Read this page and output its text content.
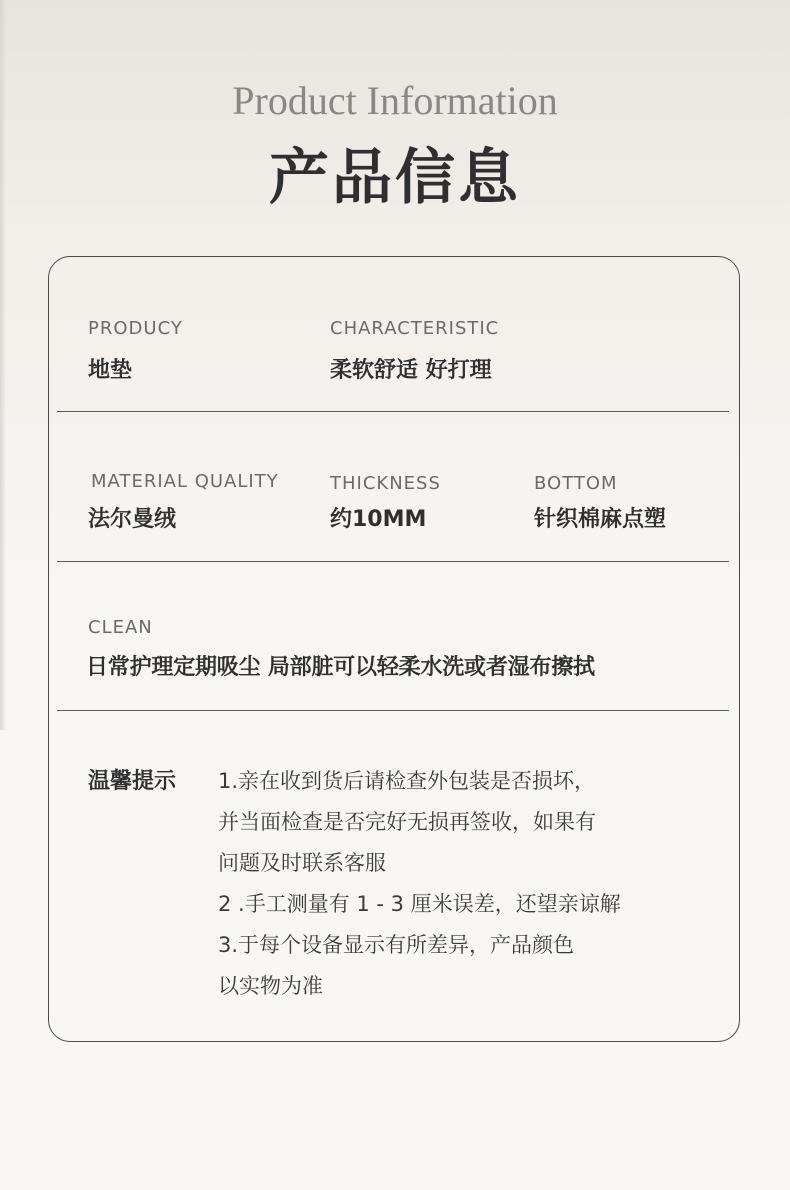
Product Information
产品信息
PRODUCY
地垫
CHARACTERISTIC
柔软舒适 好打理
MATERIAL QUALITY
法尔曼绒
THICKNESS
约10MM
BOTTOM
针织棉麻点塑
CLEAN
日常护理定期吸尘 局部脏可以轻柔水洗或者湿布擦拭
温馨提示 1.亲在收到货后请检查外包装是否损坏，
并当面检查是否完好无损再签收，如果有
问题及时联系客服
2 .手工测量有 1 - 3 厘米误差，还望亲谅解
3.于每个设备显示有所差异，产品颜色
以实物为准
